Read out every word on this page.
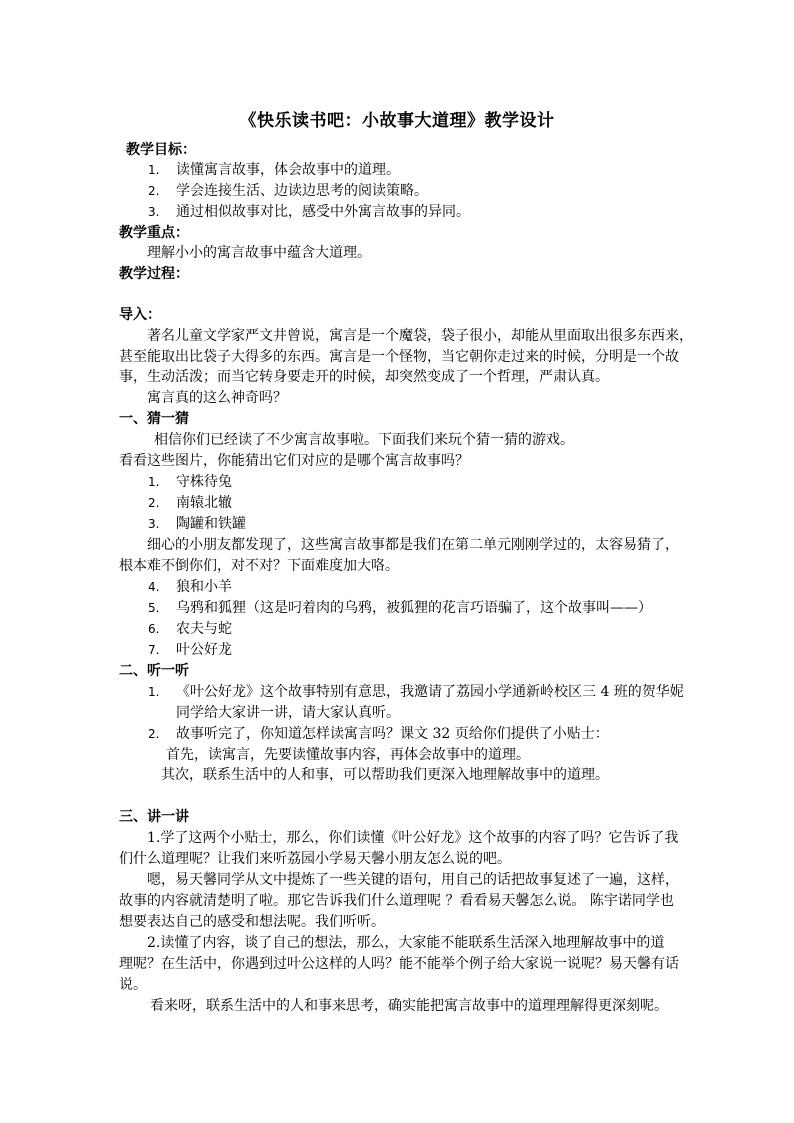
《快乐读书吧：小故事大道理》教学设计
教学目标：
1. 读懂寓言故事，体会故事中的道理。
2. 学会连接生活、边读边思考的阅读策略。
3. 通过相似故事对比，感受中外寓言故事的异同。
教学重点：
理解小小的寓言故事中蕴含大道理。
教学过程：
导入：
著名儿童文学家严文井曾说，寓言是一个魔袋，袋子很小，却能从里面取出很多东西来，
甚至能取出比袋子大得多的东西。寓言是一个怪物，当它朝你走过来的时候，分明是一个故
事，生动活泼；而当它转身要走开的时候，却突然变成了一个哲理，严肃认真。
寓言真的这么神奇吗？
一、猜一猜
相信你们已经读了不少寓言故事啦。下面我们来玩个猜一猜的游戏。
看看这些图片，你能猜出它们对应的是哪个寓言故事吗？
1. 守株待兔
2. 南辕北辙
3. 陶罐和铁罐
细心的小朋友都发现了，这些寓言故事都是我们在第二单元刚刚学过的，太容易猜了，
根本难不倒你们，对不对？下面难度加大咯。
4. 狼和小羊
5. 乌鸦和狐狸（这是叼着肉的乌鸦，被狐狸的花言巧语骗了，这个故事叫——）
6. 农夫与蛇
7. 叶公好龙
二、听一听
1. 《叶公好龙》这个故事特别有意思，我邀请了荔园小学通新岭校区三 4 班的贺华妮
同学给大家讲一讲，请大家认真听。
2. 故事听完了，你知道怎样读寓言吗？课文 32 页给你们提供了小贴士：
首先，读寓言，先要读懂故事内容，再体会故事中的道理。
其次，联系生活中的人和事，可以帮助我们更深入地理解故事中的道理。
三、讲一讲
1.学了这两个小贴士，那么，你们读懂《叶公好龙》这个故事的内容了吗？它告诉了我
们什么道理呢？让我们来听荔园小学易天馨小朋友怎么说的吧。
嗯，易天馨同学从文中提炼了一些关键的语句，用自己的话把故事复述了一遍，这样，
故事的内容就清楚明了啦。那它告诉我们什么道理呢 ？看看易天馨怎么说。 陈宇诺同学也
想要表达自己的感受和想法呢。我们听听。
2.读懂了内容，谈了自己的想法，那么，大家能不能联系生活深入地理解故事中的道
理呢？在生活中，你遇到过叶公这样的人吗？能不能举个例子给大家说一说呢？易天馨有话
说。
看来呀，联系生活中的人和事来思考，确实能把寓言故事中的道理理解得更深刻呢。
